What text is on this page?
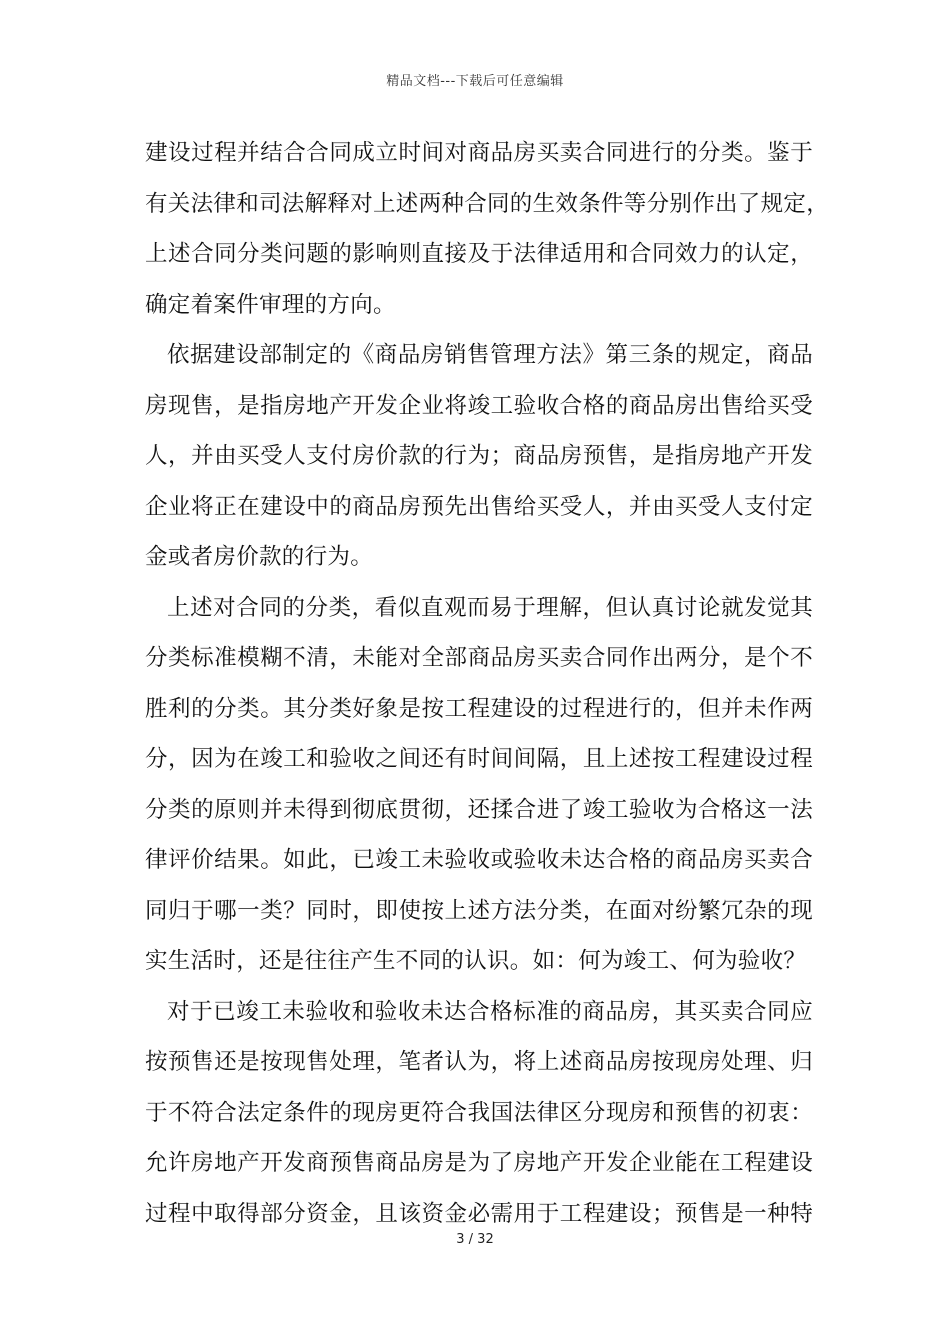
精品文档---下载后可任意编辑
建设过程并结合合同成立时间对商品房买卖合同进行的分类。鉴于
有关法律和司法解释对上述两种合同的生效条件等分别作出了规定，
上述合同分类问题的影响则直接及于法律适用和合同效力的认定，
确定着案件审理的方向。
依据建设部制定的《商品房销售管理方法》第三条的规定，商品
房现售，是指房地产开发企业将竣工验收合格的商品房出售给买受
人，并由买受人支付房价款的行为；商品房预售，是指房地产开发
企业将正在建设中的商品房预先出售给买受人，并由买受人支付定
金或者房价款的行为。
上述对合同的分类，看似直观而易于理解，但认真讨论就发觉其
分类标准模糊不清，未能对全部商品房买卖合同作出两分，是个不
胜利的分类。其分类好象是按工程建设的过程进行的，但并未作两
分，因为在竣工和验收之间还有时间间隔，且上述按工程建设过程
分类的原则并未得到彻底贯彻，还揉合进了竣工验收为合格这一法
律评价结果。如此，已竣工未验收或验收未达合格的商品房买卖合
同归于哪一类？同时，即使按上述方法分类，在面对纷繁冗杂的现
实生活时，还是往往产生不同的认识。如：何为竣工、何为验收？
对于已竣工未验收和验收未达合格标准的商品房，其买卖合同应
按预售还是按现售处理，笔者认为，将上述商品房按现房处理、归
于不符合法定条件的现房更符合我国法律区分现房和预售的初衷：
允许房地产开发商预售商品房是为了房地产开发企业能在工程建设
过程中取得部分资金，且该资金必需用于工程建设；预售是一种特
3 / 32
